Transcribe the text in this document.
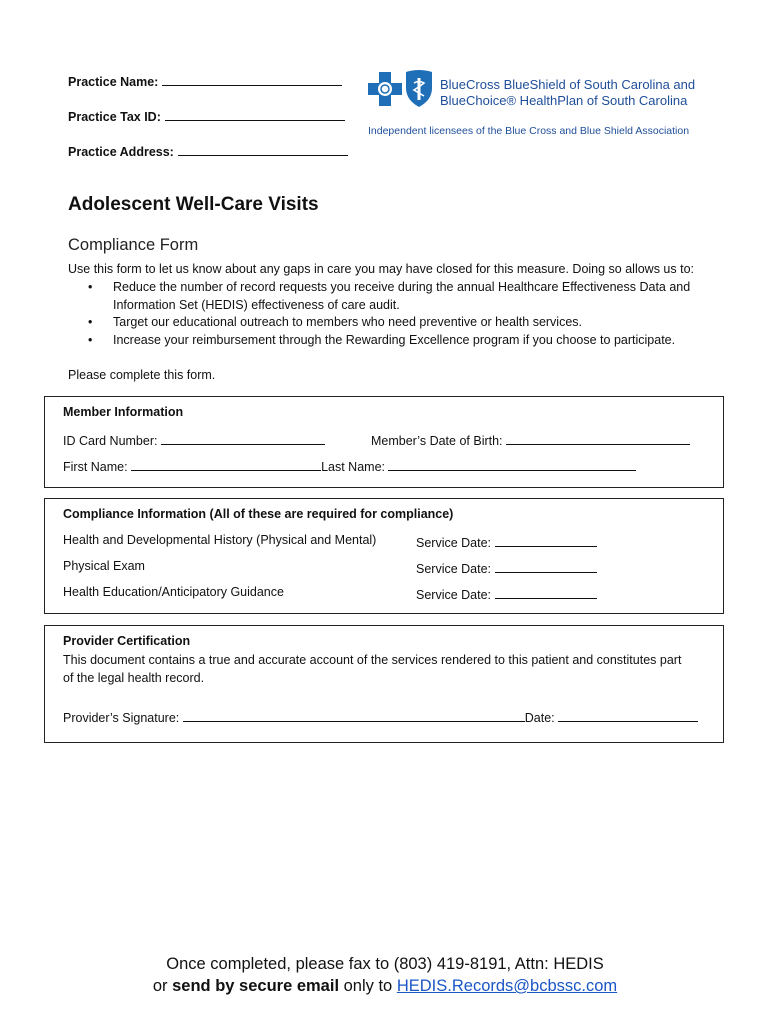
Practice Name:
Practice Tax ID:
Practice Address:
BlueCross BlueShield of South Carolina and
BlueChoice® HealthPlan of South Carolina
Independent licensees of the Blue Cross and Blue Shield Association
Adolescent Well-Care Visits
Compliance Form
Use this form to let us know about any gaps in care you may have closed for this measure. Doing so allows us to:
• Reduce the number of record requests you receive during the annual Healthcare Effectiveness Data and Information Set (HEDIS) effectiveness of care audit.
• Target our educational outreach to members who need preventive or health services.
• Increase your reimbursement through the Rewarding Excellence program if you choose to participate.
Please complete this form.
Member Information
ID Card Number:	Member’s Date of Birth:
First Name:	Last Name:
Compliance Information (All of these are required for compliance)
Health and Developmental History (Physical and Mental)	Service Date:
Physical Exam	Service Date:
Health Education/Anticipatory Guidance	Service Date:
Provider Certification
This document contains a true and accurate account of the services rendered to this patient and constitutes part
of the legal health record.
Provider’s Signature:	Date:
Once completed, please fax to (803) 419-8191, Attn: HEDIS
or send by secure email only to HEDIS.Records@bcbssc.com
